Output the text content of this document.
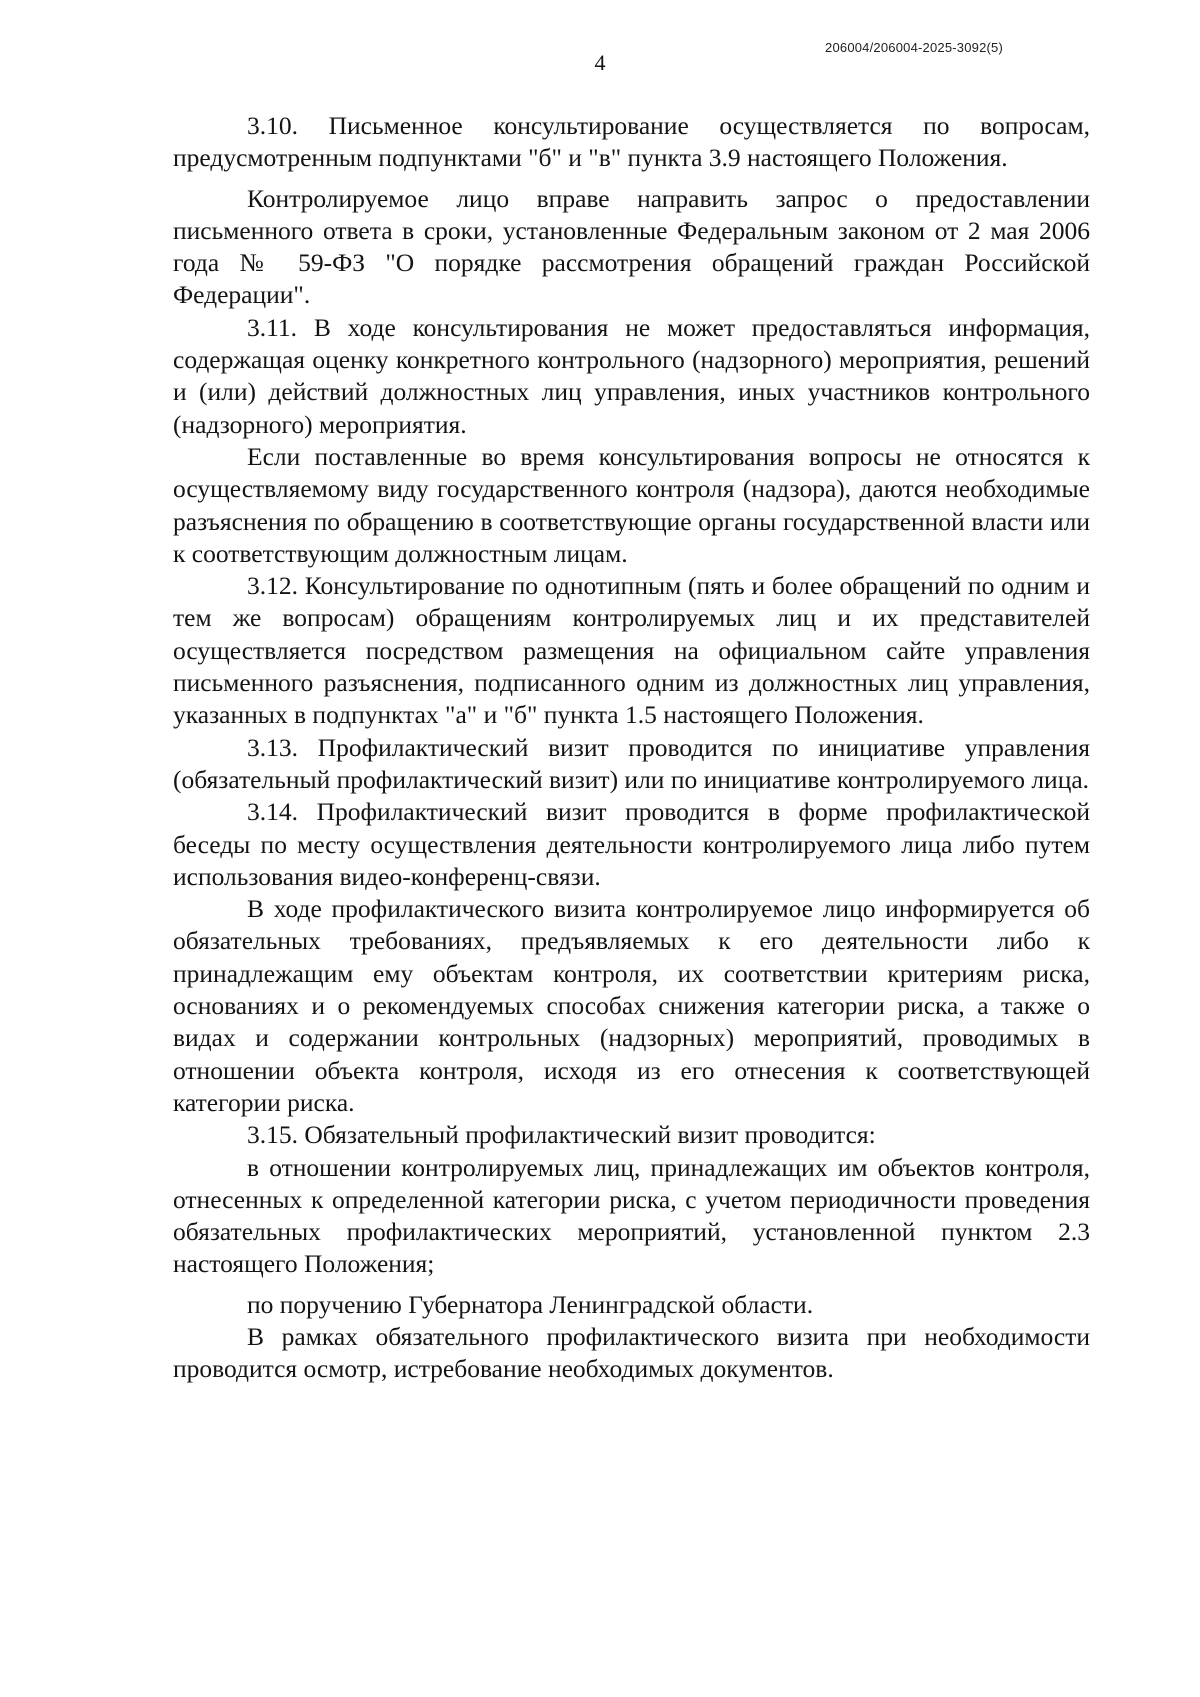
206004/206004-2025-3092(5)
4

3.10. Письменное консультирование осуществляется по вопросам, предусмотренным подпунктами "б" и "в" пункта 3.9 настоящего Положения.

Контролируемое лицо вправе направить запрос о предоставлении письменного ответа в сроки, установленные Федеральным законом от 2 мая 2006 года № 59-ФЗ "О порядке рассмотрения обращений граждан Российской Федерации".

3.11. В ходе консультирования не может предоставляться информация, содержащая оценку конкретного контрольного (надзорного) мероприятия, решений и (или) действий должностных лиц управления, иных участников контрольного (надзорного) мероприятия.

Если поставленные во время консультирования вопросы не относятся к осуществляемому виду государственного контроля (надзора), даются необходимые разъяснения по обращению в соответствующие органы государственной власти или к соответствующим должностным лицам.

3.12. Консультирование по однотипным (пять и более обращений по одним и тем же вопросам) обращениям контролируемых лиц и их представителей осуществляется посредством размещения на официальном сайте управления письменного разъяснения, подписанного одним из должностных лиц управления, указанных в подпунктах "а" и "б" пункта 1.5 настоящего Положения.

3.13. Профилактический визит проводится по инициативе управления (обязательный профилактический визит) или по инициативе контролируемого лица.

3.14. Профилактический визит проводится в форме профилактической беседы по месту осуществления деятельности контролируемого лица либо путем использования видео-конференц-связи.

В ходе профилактического визита контролируемое лицо информируется об обязательных требованиях, предъявляемых к его деятельности либо к принадлежащим ему объектам контроля, их соответствии критериям риска, основаниях и о рекомендуемых способах снижения категории риска, а также о видах и содержании контрольных (надзорных) мероприятий, проводимых в отношении объекта контроля, исходя из его отнесения к соответствующей категории риска.

3.15. Обязательный профилактический визит проводится:

в отношении контролируемых лиц, принадлежащих им объектов контроля, отнесенных к определенной категории риска, с учетом периодичности проведения обязательных профилактических мероприятий, установленной пунктом 2.3 настоящего Положения;

по поручению Губернатора Ленинградской области.

В рамках обязательного профилактического визита при необходимости проводится осмотр, истребование необходимых документов.
